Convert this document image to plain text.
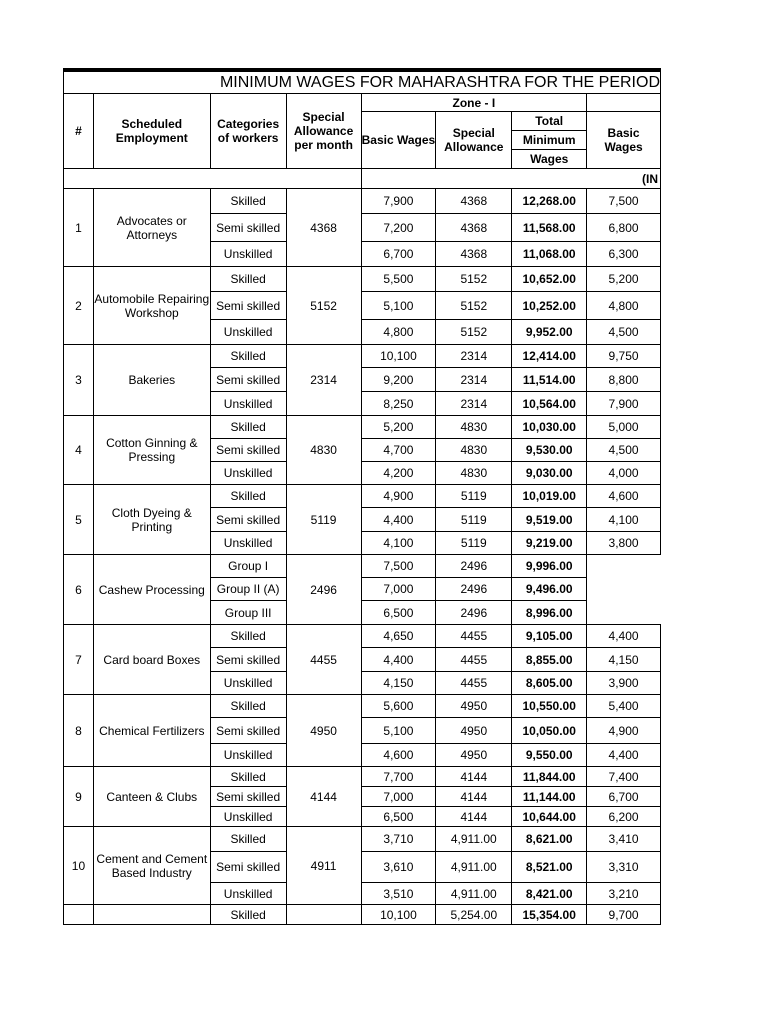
MINIMUM WAGES FOR MAHARASHTRA FOR THE PERIOD							
#	Scheduled Employment	Categories of workers	Special Allowance per month	Zone - I			
				Basic Wages	Special Allowance	Total	Basic Wages
						Minimum	
						Wages	
				(IN			
1	Advocates or Attorneys	Skilled	4368	7,900	4368	12,268.00	7,500
		Semi skilled		7,200	4368	11,568.00	6,800
		Unskilled		6,700	4368	11,068.00	6,300
2	Automobile Repairing Workshop	Skilled	5152	5,500	5152	10,652.00	5,200
		Semi skilled		5,100	5152	10,252.00	4,800
		Unskilled		4,800	5152	9,952.00	4,500
3	Bakeries	Skilled	2314	10,100	2314	12,414.00	9,750
		Semi skilled		9,200	2314	11,514.00	8,800
		Unskilled		8,250	2314	10,564.00	7,900
4	Cotton Ginning & Pressing	Skilled	4830	5,200	4830	10,030.00	5,000
		Semi skilled		4,700	4830	9,530.00	4,500
		Unskilled		4,200	4830	9,030.00	4,000
5	Cloth Dyeing & Printing	Skilled	5119	4,900	5119	10,019.00	4,600
		Semi skilled		4,400	5119	9,519.00	4,100
		Unskilled		4,100	5119	9,219.00	3,800
6	Cashew Processing	Group I	2496	7,500	2496	9,996.00	
		Group II (A)		7,000	2496	9,496.00	
		Group III		6,500	2496	8,996.00	
7	Card board Boxes	Skilled	4455	4,650	4455	9,105.00	4,400
		Semi skilled		4,400	4455	8,855.00	4,150
		Unskilled		4,150	4455	8,605.00	3,900
8	Chemical Fertilizers	Skilled	4950	5,600	4950	10,550.00	5,400
		Semi skilled		5,100	4950	10,050.00	4,900
		Unskilled		4,600	4950	9,550.00	4,400
9	Canteen & Clubs	Skilled	4144	7,700	4144	11,844.00	7,400
		Semi skilled		7,000	4144	11,144.00	6,700
		Unskilled		6,500	4144	10,644.00	6,200
10	Cement and Cement Based Industry	Skilled	4911	3,710	4,911.00	8,621.00	3,410
		Semi skilled		3,610	4,911.00	8,521.00	3,310
		Unskilled		3,510	4,911.00	8,421.00	3,210
		Skilled		10,100	5,254.00	15,354.00	9,700
